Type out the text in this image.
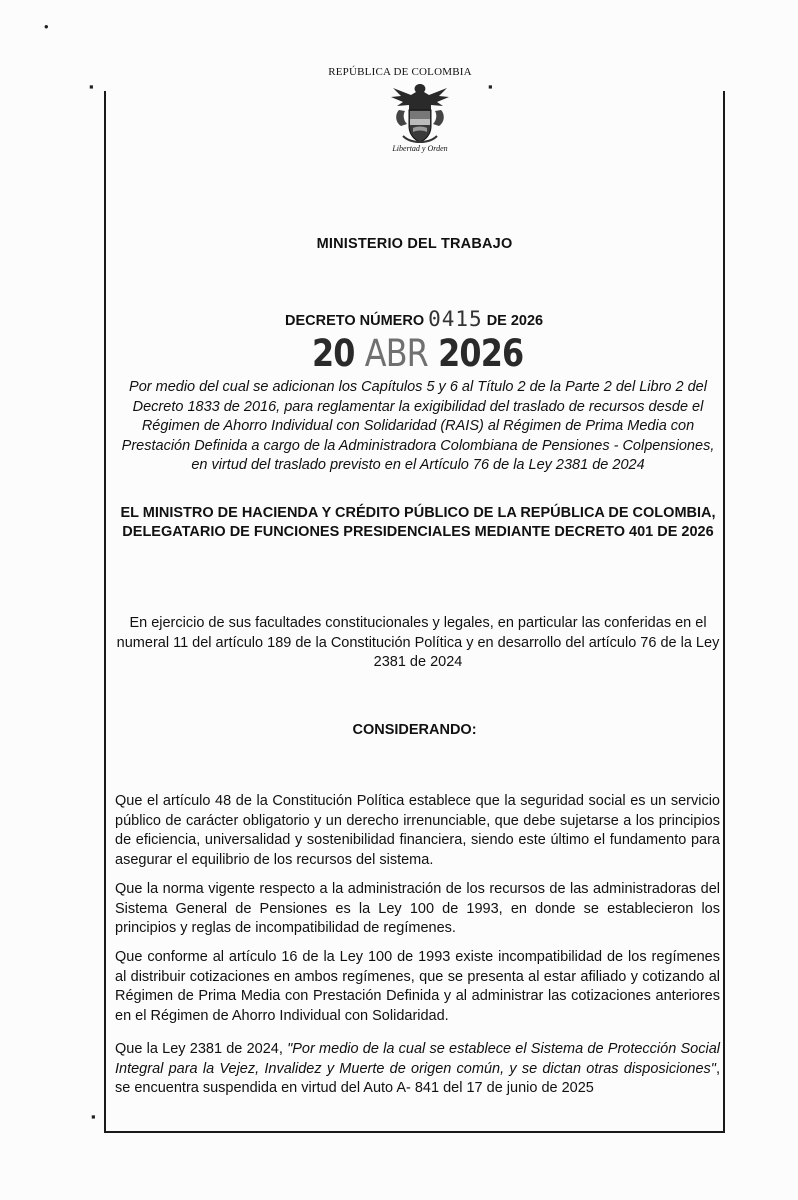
•
▪	▪
▪
REPÚBLICA DE COLOMBIA
Libertad y Orden
MINISTERIO DEL TRABAJO
DECRETO NÚMERO 0415 DE 2026
20 ABR 2026
Por medio del cual se adicionan los Capítulos 5 y 6 al Título 2 de la Parte 2 del Libro 2 del Decreto 1833 de 2016, para reglamentar la exigibilidad del traslado de recursos desde el Régimen de Ahorro Individual con Solidaridad (RAIS) al Régimen de Prima Media con Prestación Definida a cargo de la Administradora Colombiana de Pensiones - Colpensiones, en virtud del traslado previsto en el Artículo 76 de la Ley 2381 de 2024
EL MINISTRO DE HACIENDA Y CRÉDITO PÚBLICO DE LA REPÚBLICA DE COLOMBIA, DELEGATARIO DE FUNCIONES PRESIDENCIALES MEDIANTE DECRETO 401 DE 2026
En ejercicio de sus facultades constitucionales y legales, en particular las conferidas en el numeral 11 del artículo 189 de la Constitución Política y en desarrollo del artículo 76 de la Ley 2381 de 2024
CONSIDERANDO:
Que el artículo 48 de la Constitución Política establece que la seguridad social es un servicio público de carácter obligatorio y un derecho irrenunciable, que debe sujetarse a los principios de eficiencia, universalidad y sostenibilidad financiera, siendo este último el fundamento para asegurar el equilibrio de los recursos del sistema.
Que la norma vigente respecto a la administración de los recursos de las administradoras del Sistema General de Pensiones es la Ley 100 de 1993, en donde se establecieron los principios y reglas de incompatibilidad de regímenes.
Que conforme al artículo 16 de la Ley 100 de 1993 existe incompatibilidad de los regímenes al distribuir cotizaciones en ambos regímenes, que se presenta al estar afiliado y cotizando al Régimen de Prima Media con Prestación Definida y al administrar las cotizaciones anteriores en el Régimen de Ahorro Individual con Solidaridad.
Que la Ley 2381 de 2024, "Por medio de la cual se establece el Sistema de Protección Social Integral para la Vejez, Invalidez y Muerte de origen común, y se dictan otras disposiciones", se encuentra suspendida en virtud del Auto A- 841 del 17 de junio de 2025
